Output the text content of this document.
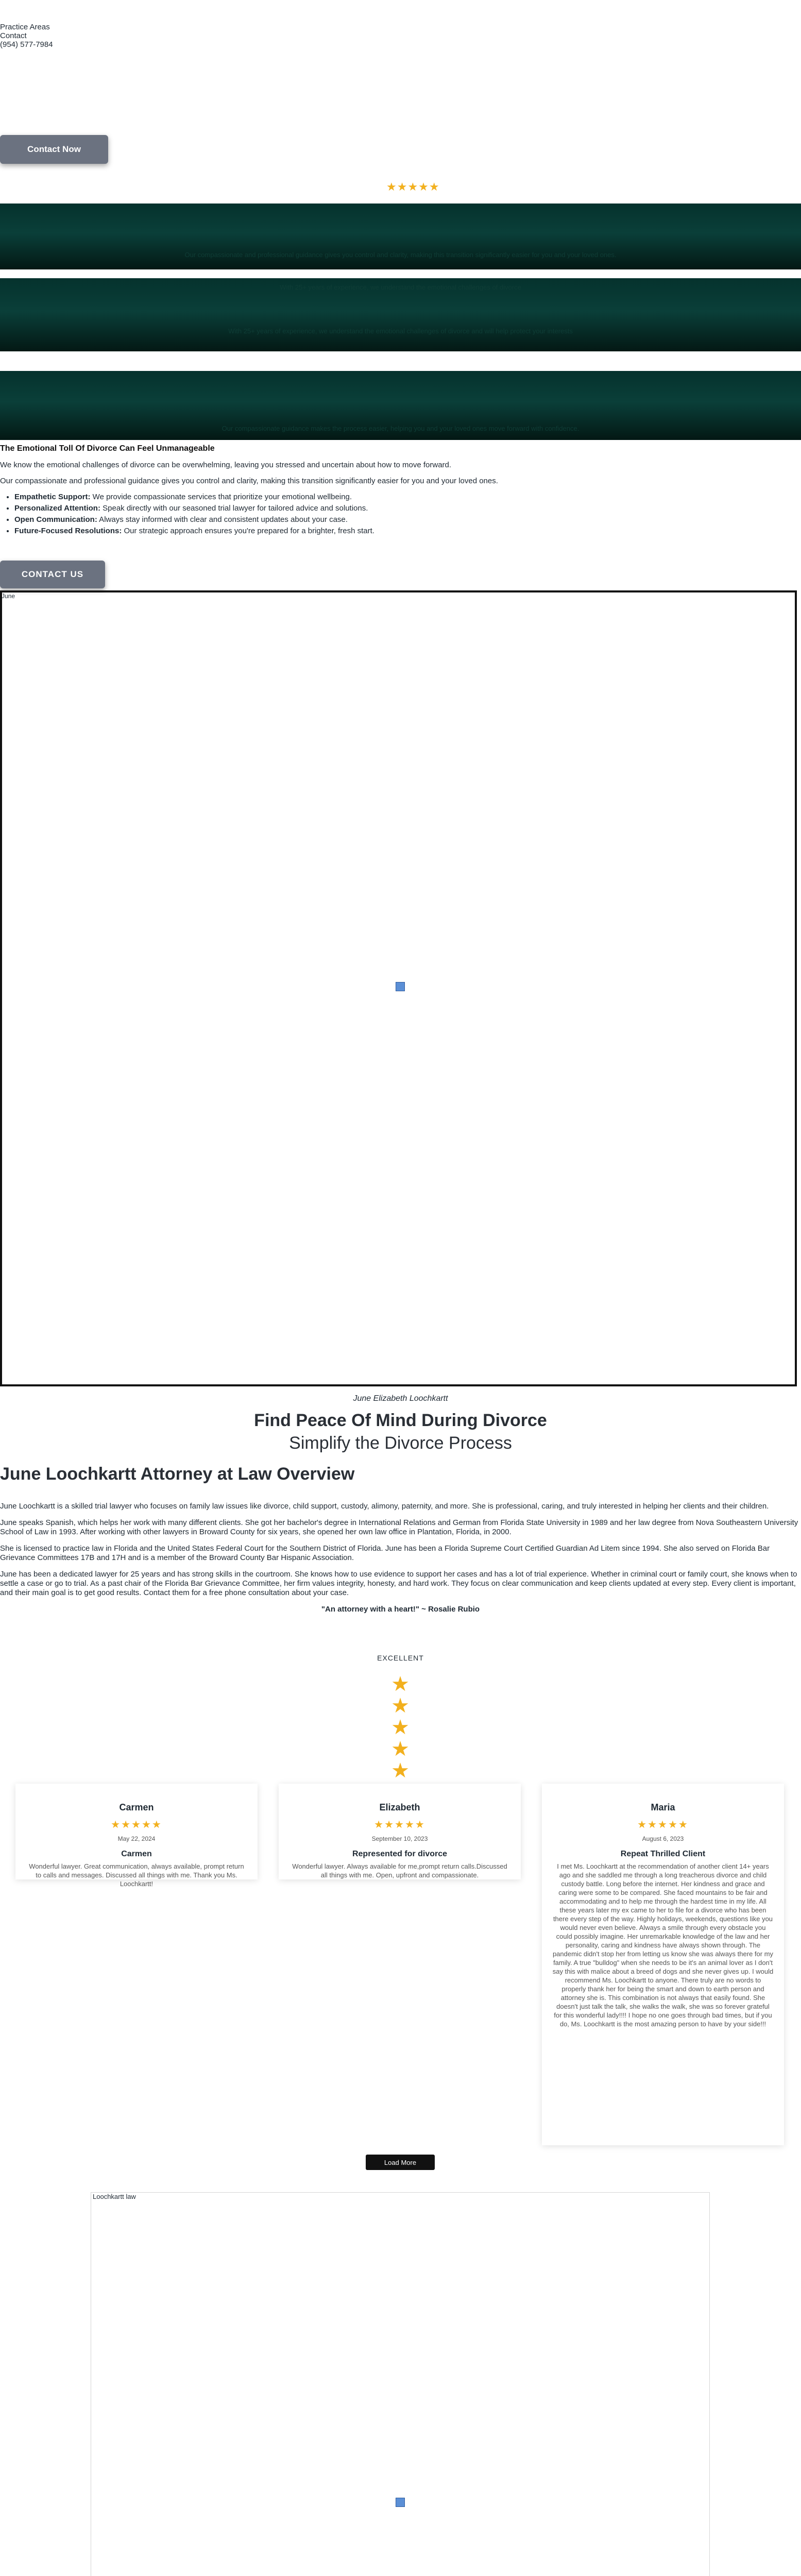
Practice Areas
Contact
(954) 577-7984
Contact Now
★★★★★

Our compassionate and professional guidance gives you control and clarity, making this transition significantly easier for you and your loved ones.

With 25+ years of experience, we understand the emotional challenges of divorce

With 25+ years of experience, we understand the emotional challenges of divorce and will help protect your interests

Our compassionate guidance makes the process easier, helping you and your loved ones move forward with confidence.

The Emotional Toll Of Divorce Can Feel Unmanageable

We know the emotional challenges of divorce can be overwhelming, leaving you stressed and uncertain about how to move forward.

Our compassionate and professional guidance gives you control and clarity, making this transition significantly easier for you and your loved ones.

• Empathetic Support: We provide compassionate services that prioritize your emotional wellbeing.
• Personalized Attention: Speak directly with our seasoned trial lawyer for tailored advice and solutions.
• Open Communication: Always stay informed with clear and consistent updates about your case.
• Future-Focused Resolutions: Our strategic approach ensures you're prepared for a brighter, fresh start.
CONTACT US
June
June Elizabeth Loochkartt
Find Peace Of Mind During Divorce
Simplify the Divorce Process
June Loochkartt Attorney at Law Overview

June Loochkartt is a skilled trial lawyer who focuses on family law issues like divorce, child support, custody, alimony, paternity, and more. She is professional, caring, and truly interested in helping her clients and their children.

June speaks Spanish, which helps her work with many different clients. She got her bachelor's degree in International Relations and German from Florida State University in 1989 and her law degree from Nova Southeastern University School of Law in 1993. After working with other lawyers in Broward County for six years, she opened her own law office in Plantation, Florida, in 2000.

She is licensed to practice law in Florida and the United States Federal Court for the Southern District of Florida. June has been a Florida Supreme Court Certified Guardian Ad Litem since 1994. She also served on Florida Bar Grievance Committees 17B and 17H and is a member of the Broward County Bar Hispanic Association.

June has been a dedicated lawyer for 25 years and has strong skills in the courtroom. She knows how to use evidence to support her cases and has a lot of trial experience. Whether in criminal court or family court, she knows when to settle a case or go to trial. As a past chair of the Florida Bar Grievance Committee, her firm values integrity, honesty, and hard work. They focus on clear communication and keep clients updated at every step. Every client is important, and their main goal is to get good results. Contact them for a free phone consultation about your case.

"An attorney with a heart!" ~ Rosalie Rubio

EXCELLENT
★
★
★
★
★
Carmen
★★★★★
May 22, 2024
Carmen
Wonderful lawyer. Great communication, always available, prompt return to calls and messages. Discussed all things with me. Thank you Ms. Loochkartt!
Elizabeth
★★★★★
September 10, 2023
Represented for divorce
Wonderful lawyer. Always available for me,prompt return calls.Discussed all things with me. Open, upfront and compassionate.
Maria
★★★★★
August 6, 2023
Repeat Thrilled Client
I met Ms. Loochkartt at the recommendation of another client 14+ years ago and she saddled me through a long treacherous divorce and child custody battle. Long before the internet. Her kindness and grace and caring were some to be compared. She faced mountains to be fair and accommodating and to help me through the hardest time in my life. All these years later my ex came to her to file for a divorce who has been there every step of the way. Highly holidays, weekends, questions like you would never even believe. Always a smile through every obstacle you could possibly imagine. Her unremarkable knowledge of the law and her personality, caring and kindness have always shown through. The pandemic didn't stop her from letting us know she was always there for my family. A true "bulldog" when she needs to be it's an animal lover as I don't say this with malice about a breed of dogs and she never gives up. I would recommend Ms. Loochkartt to anyone. There truly are no words to properly thank her for being the smart and down to earth person and attorney she is. This combination is not always that easily found. She doesn't just talk the talk, she walks the walk, she was so forever grateful for this wonderful lady!!!! I hope no one goes through bad times, but if you do, Ms. Loochkartt is the most amazing person to have by your side!!!
Load More
Loochkartt law
